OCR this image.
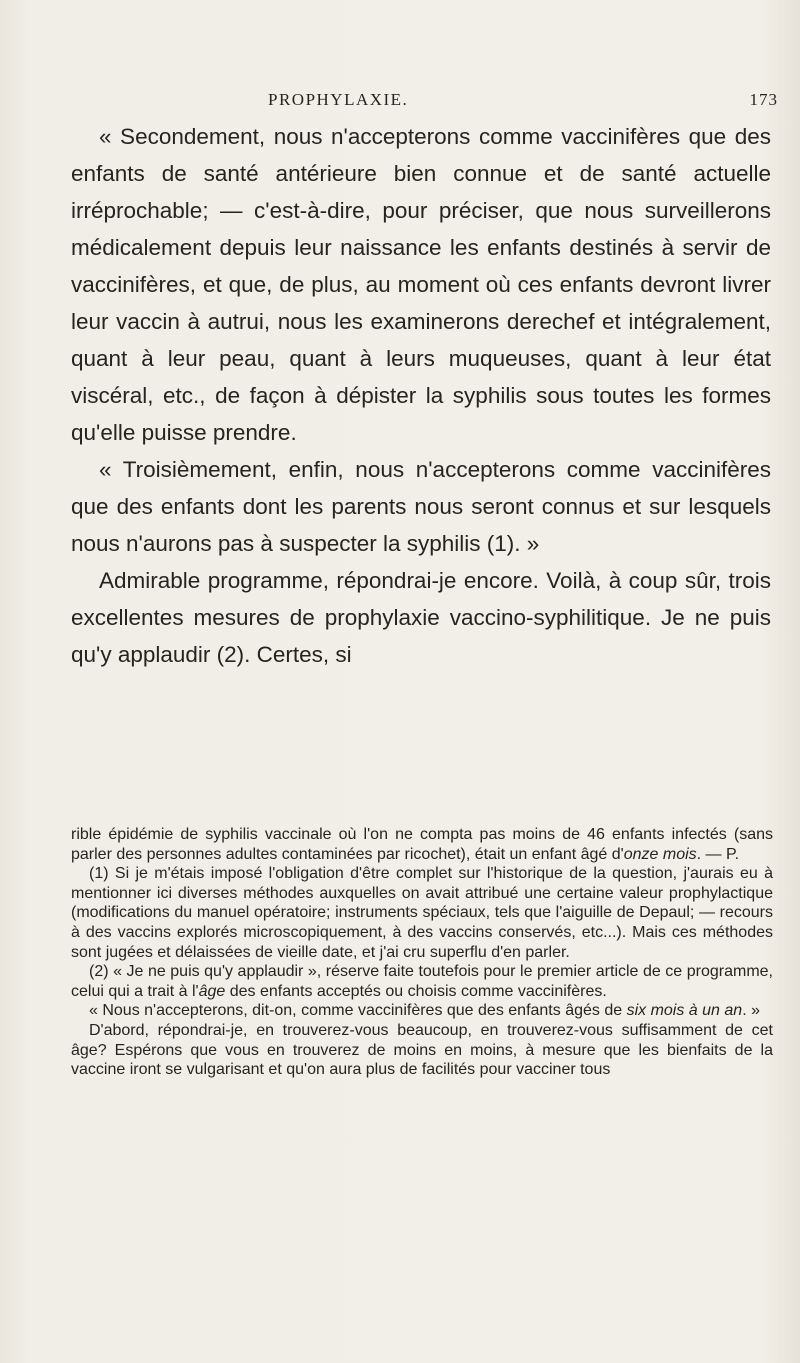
PROPHYLAXIE.	173

« Secondement, nous n'accepterons comme vaccinifères que des enfants de santé antérieure bien connue et de santé actuelle irréprochable; — c'est-à-dire, pour préciser, que nous surveillerons médicalement depuis leur naissance les enfants destinés à servir de vaccinifères, et que, de plus, au moment où ces enfants devront livrer leur vaccin à autrui, nous les examinerons derechef et intégralement, quant à leur peau, quant à leurs muqueuses, quant à leur état viscéral, etc., de façon à dépister la syphilis sous toutes les formes qu'elle puisse prendre.

« Troisièmement, enfin, nous n'accepterons comme vaccinifères que des enfants dont les parents nous seront connus et sur lesquels nous n'aurons pas à suspecter la syphilis (1). »

Admirable programme, répondrai-je encore. Voilà, à coup sûr, trois excellentes mesures de prophylaxie vaccino-syphilitique. Je ne puis qu'y applaudir (2). Certes, si

rible épidémie de syphilis vaccinale où l'on ne compta pas moins de 46 enfants infectés (sans parler des personnes adultes contaminées par ricochet), était un enfant âgé d'onze mois. — P.

(1) Si je m'étais imposé l'obligation d'être complet sur l'historique de la question, j'aurais eu à mentionner ici diverses méthodes auxquelles on avait attribué une certaine valeur prophylactique (modifications du manuel opératoire; instruments spéciaux, tels que l'aiguille de Depaul; — recours à des vaccins explorés microscopiquement, à des vaccins conservés, etc...). Mais ces méthodes sont jugées et délaissées de vieille date, et j'ai cru superflu d'en parler.

(2) « Je ne puis qu'y applaudir », réserve faite toutefois pour le premier article de ce programme, celui qui a trait à l'âge des enfants acceptés ou choisis comme vaccinifères.

« Nous n'accepterons, dit-on, comme vaccinifères que des enfants âgés de six mois à un an. »

D'abord, répondrai-je, en trouverez-vous beaucoup, en trouverez-vous suffisamment de cet âge? Espérons que vous en trouverez de moins en moins, à mesure que les bienfaits de la vaccine iront se vulgarisant et qu'on aura plus de facilités pour vacciner tous
